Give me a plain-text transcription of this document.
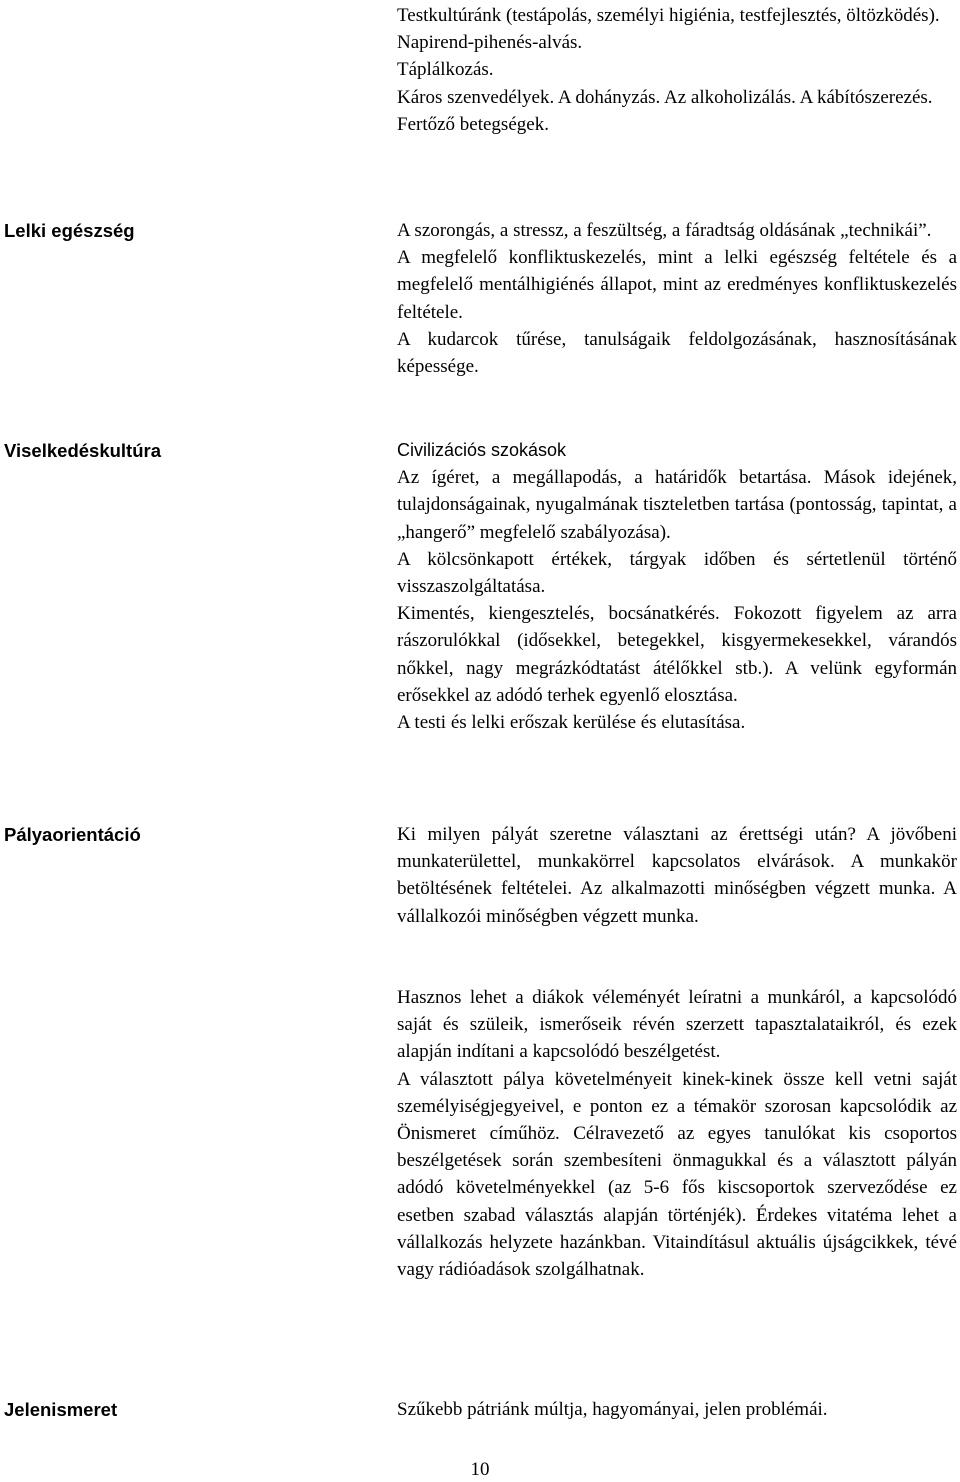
Testkultúránk (testápolás, személyi higiénia, testfejlesztés, öltözködés).

Napirend-pihenés-alvás.

Táplálkozás.

Káros szenvedélyek. A dohányzás. Az alkoholizálás. A kábítószerezés.

Fertőző betegségek.

Lelki egészség	A szorongás, a stressz, a feszültség, a fáradtság oldásának „technikái”.

A megfelelő konfliktuskezelés, mint a lelki egészség feltétele és a megfelelő mentálhigiénés állapot, mint az eredményes konfliktuskezelés feltétele.

A kudarcok tűrése, tanulságaik feldolgozásának, hasznosításának képessége.

Viselkedéskultúra	Civilizációs szokások

Az ígéret, a megállapodás, a határidők betartása. Mások idejének, tulajdonságainak, nyugalmának tiszteletben tartása (pontosság, tapintat, a „hangerő” megfelelő szabályozása).

A kölcsönkapott értékek, tárgyak időben és sértetlenül történő visszaszolgáltatása.

Kimentés, kiengesztelés, bocsánatkérés. Fokozott figyelem az arra rászorulókkal (idősekkel, betegekkel, kisgyermekesekkel, várandós nőkkel, nagy megrázkódtatást átélőkkel stb.). A velünk egyformán erősekkel az adódó terhek egyenlő elosztása.

A testi és lelki erőszak kerülése és elutasítása.

Pályaorientáció	Ki milyen pályát szeretne választani az érettségi után? A jövőbeni munkaterülettel, munkakörrel kapcsolatos elvárások. A munkakör betöltésének feltételei. Az alkalmazotti minőségben végzett munka. A vállalkozói minőségben végzett munka.

Hasznos lehet a diákok véleményét leíratni a munkáról, a kapcsolódó saját és szüleik, ismerőseik révén szerzett tapasztalataikról, és ezek alapján indítani a kapcsolódó beszélgetést.

A választott pálya követelményeit kinek-kinek össze kell vetni saját személyiségjegyeivel, e ponton ez a témakör szorosan kapcsolódik az Önismeret címűhöz. Célravezető az egyes tanulókat kis csoportos beszélgetések során szembesíteni önmagukkal és a választott pályán adódó követelményekkel (az 5-6 fős kiscsoportok szerveződése ez esetben szabad választás alapján történjék). Érdekes vitatéma lehet a vállalkozás helyzete hazánkban. Vitaindításul aktuális újságcikkek, tévé vagy rádióadások szolgálhatnak.

Jelenismeret	Szűkebb pátriánk múltja, hagyományai, jelen problémái.

10
